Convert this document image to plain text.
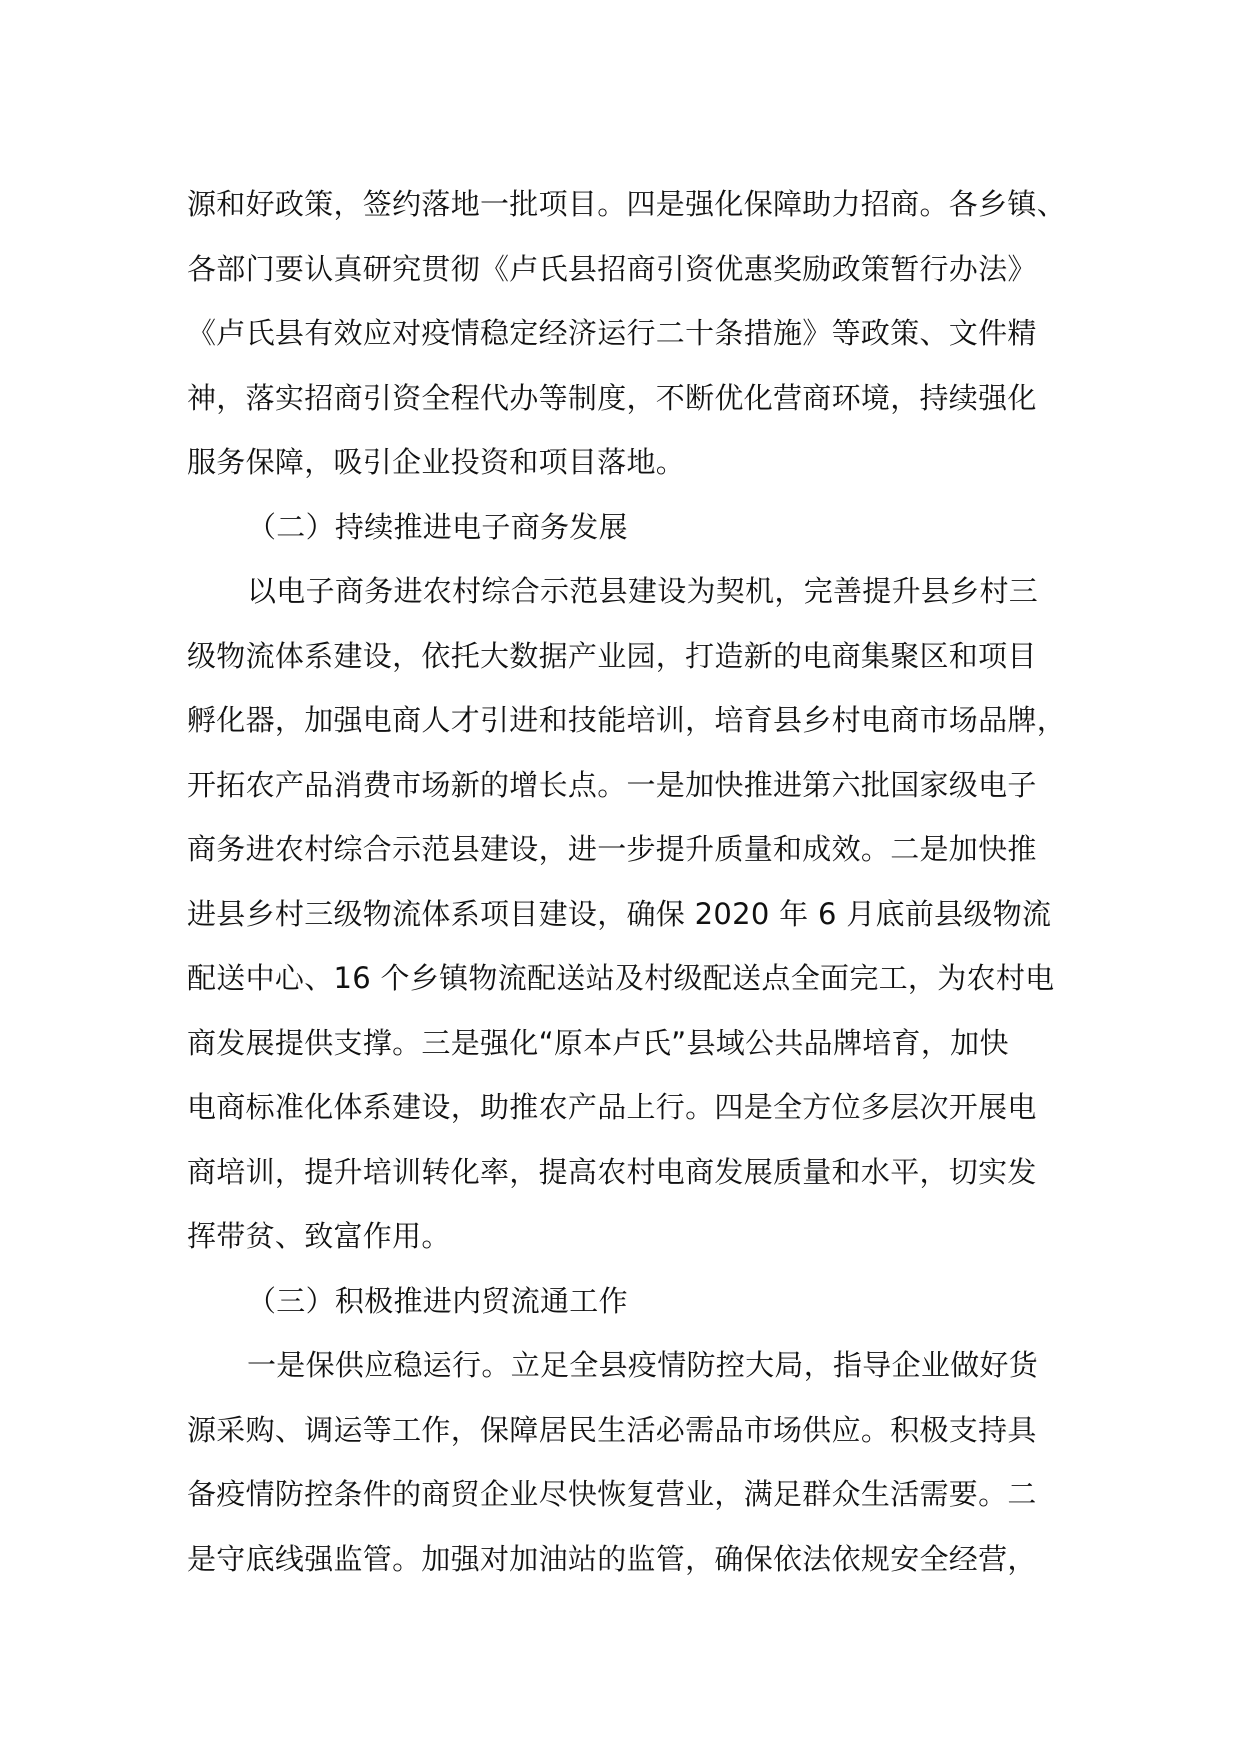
源和好政策，签约落地一批项目。四是强化保障助力招商。各乡镇、
各部门要认真研究贯彻《卢氏县招商引资优惠奖励政策暂行办法》
《卢氏县有效应对疫情稳定经济运行二十条措施》等政策、文件精
神，落实招商引资全程代办等制度，不断优化营商环境，持续强化
服务保障，吸引企业投资和项目落地。
（二）持续推进电子商务发展
以电子商务进农村综合示范县建设为契机，完善提升县乡村三
级物流体系建设，依托大数据产业园，打造新的电商集聚区和项目
孵化器，加强电商人才引进和技能培训，培育县乡村电商市场品牌，
开拓农产品消费市场新的增长点。一是加快推进第六批国家级电子
商务进农村综合示范县建设，进一步提升质量和成效。二是加快推
进县乡村三级物流体系项目建设，确保 2020 年 6 月底前县级物流
配送中心、16 个乡镇物流配送站及村级配送点全面完工，为农村电
商发展提供支撑。三是强化“原本卢氏”县域公共品牌培育，加快
电商标准化体系建设，助推农产品上行。四是全方位多层次开展电
商培训，提升培训转化率，提高农村电商发展质量和水平，切实发
挥带贫、致富作用。
（三）积极推进内贸流通工作
一是保供应稳运行。立足全县疫情防控大局，指导企业做好货
源采购、调运等工作，保障居民生活必需品市场供应。积极支持具
备疫情防控条件的商贸企业尽快恢复营业，满足群众生活需要。二
是守底线强监管。加强对加油站的监管，确保依法依规安全经营，
